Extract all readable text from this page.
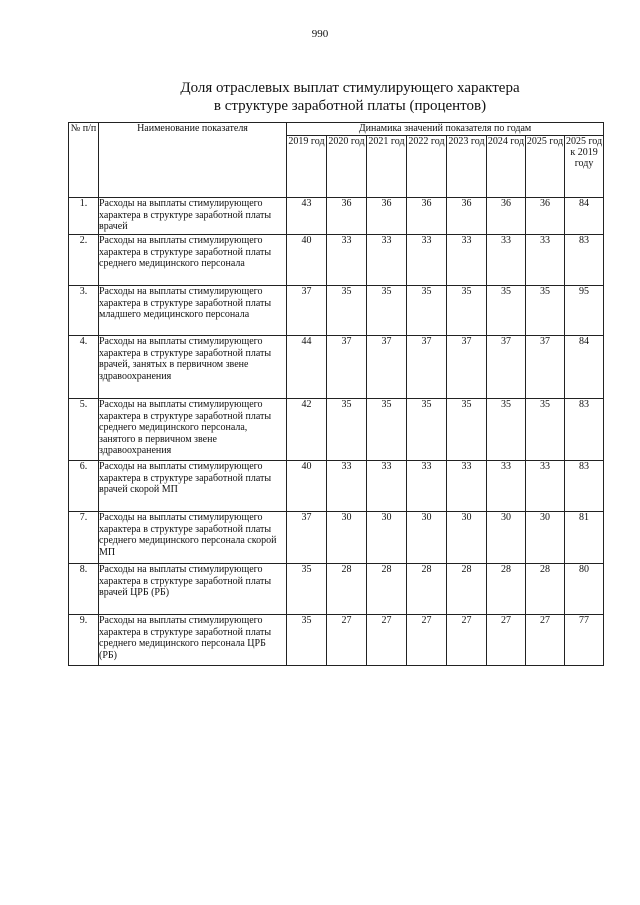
990
Доля отраслевых выплат стимулирующего характера
в структуре заработной платы (процентов)
№ п/п	Наименование показателя	Динамика значений показателя по годам							
		2019 год	2020 год	2021 год	2022 год	2023 год	2024 год	2025 год	2025 год к 2019 году
1.	Расходы на выплаты стимулирующего характера в структуре заработной платы врачей	43	36	36	36	36	36	36	84
2.	Расходы на выплаты стимулирующего характера в структуре заработной платы среднего медицинского персонала	40	33	33	33	33	33	33	83
3.	Расходы на выплаты стимулирующего характера в структуре заработной платы младшего медицинского персонала	37	35	35	35	35	35	35	95
4.	Расходы на выплаты стимулирующего характера в структуре заработной платы врачей, занятых в первичном звене здравоохранения	44	37	37	37	37	37	37	84
5.	Расходы на выплаты стимулирующего характера в структуре заработной платы среднего медицинского персонала, занятого в первичном звене здравоохранения	42	35	35	35	35	35	35	83
6.	Расходы на выплаты стимулирующего характера в структуре заработной платы врачей скорой МП	40	33	33	33	33	33	33	83
7.	Расходы на выплаты стимулирующего характера в структуре заработной платы среднего медицинского персонала скорой МП	37	30	30	30	30	30	30	81
8.	Расходы на выплаты стимулирующего характера в структуре заработной платы врачей ЦРБ (РБ)	35	28	28	28	28	28	28	80
9.	Расходы на выплаты стимулирующего характера в структуре заработной платы среднего медицинского персонала ЦРБ (РБ)	35	27	27	27	27	27	27	77
